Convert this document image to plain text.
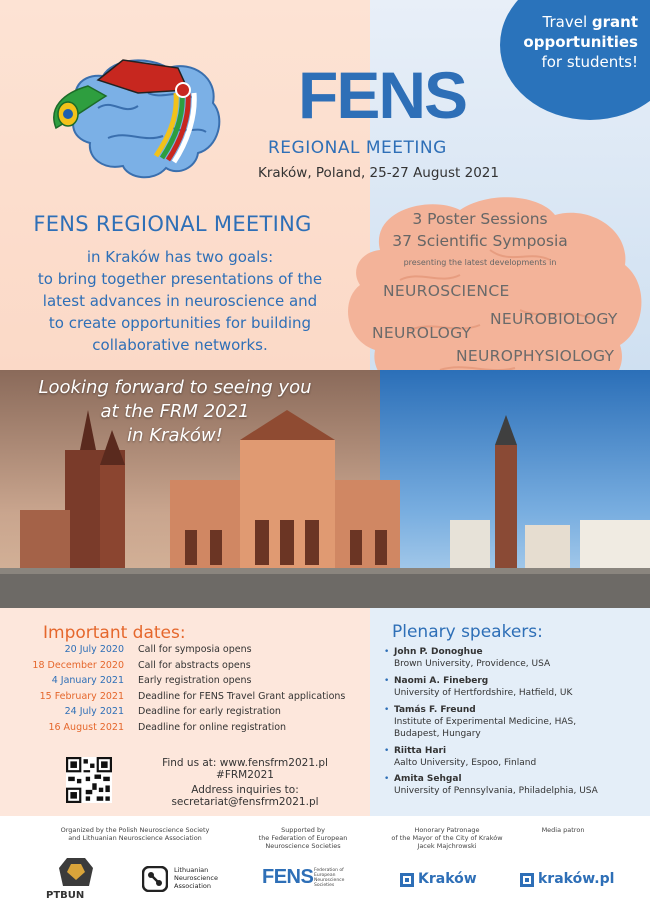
Travel grant
opportunities
for students!
FENS
REGIONAL MEETING
Kraków, Poland, 25-27 August 2021
FENS REGIONAL MEETING
in Kraków has two goals:
to bring together presentations of the
latest advances in neuroscience and
to create opportunities for building
collaborative networks.
3 Poster Sessions
37 Scientific Symposia
presenting the latest developments in
NEUROSCIENCE
NEUROBIOLOGY
NEUROLOGY
NEUROPHYSIOLOGY
Looking forward to seeing you
at the FRM 2021
in Kraków!
Important dates:
20 July 2020 Call for symposia opens
18 December 2020 Call for abstracts opens
4 January 2021 Early registration opens
15 February 2021 Deadline for FENS Travel Grant applications
24 July 2021 Deadline for early registration
16 August 2021 Deadline for online registration
Plenary speakers:
• John P. Donoghue
Brown University, Providence, USA
• Naomi A. Fineberg
University of Hertfordshire, Hatfield, UK
• Tamás F. Freund
Institute of Experimental Medicine, HAS,
Budapest, Hungary
• Riitta Hari
Aalto University, Espoo, Finland
• Amita Sehgal
University of Pennsylvania, Philadelphia, USA
Find us at: www.fensfrm2021.pl
#FRM2021
Address inquiries to:
secretariat@fensfrm2021.pl
Organized by the Polish Neuroscience Society
and Lithuanian Neuroscience Association
Supported by
the Federation of European
Neuroscience Societies
Honorary Patronage
of the Mayor of the City of Kraków
Jacek Majchrowski
Media patron
PTBUN
Lithuanian
Neuroscience
Association	FENS Federation of
European
Neuroscience
Societies	Kraków	kraków.pl
